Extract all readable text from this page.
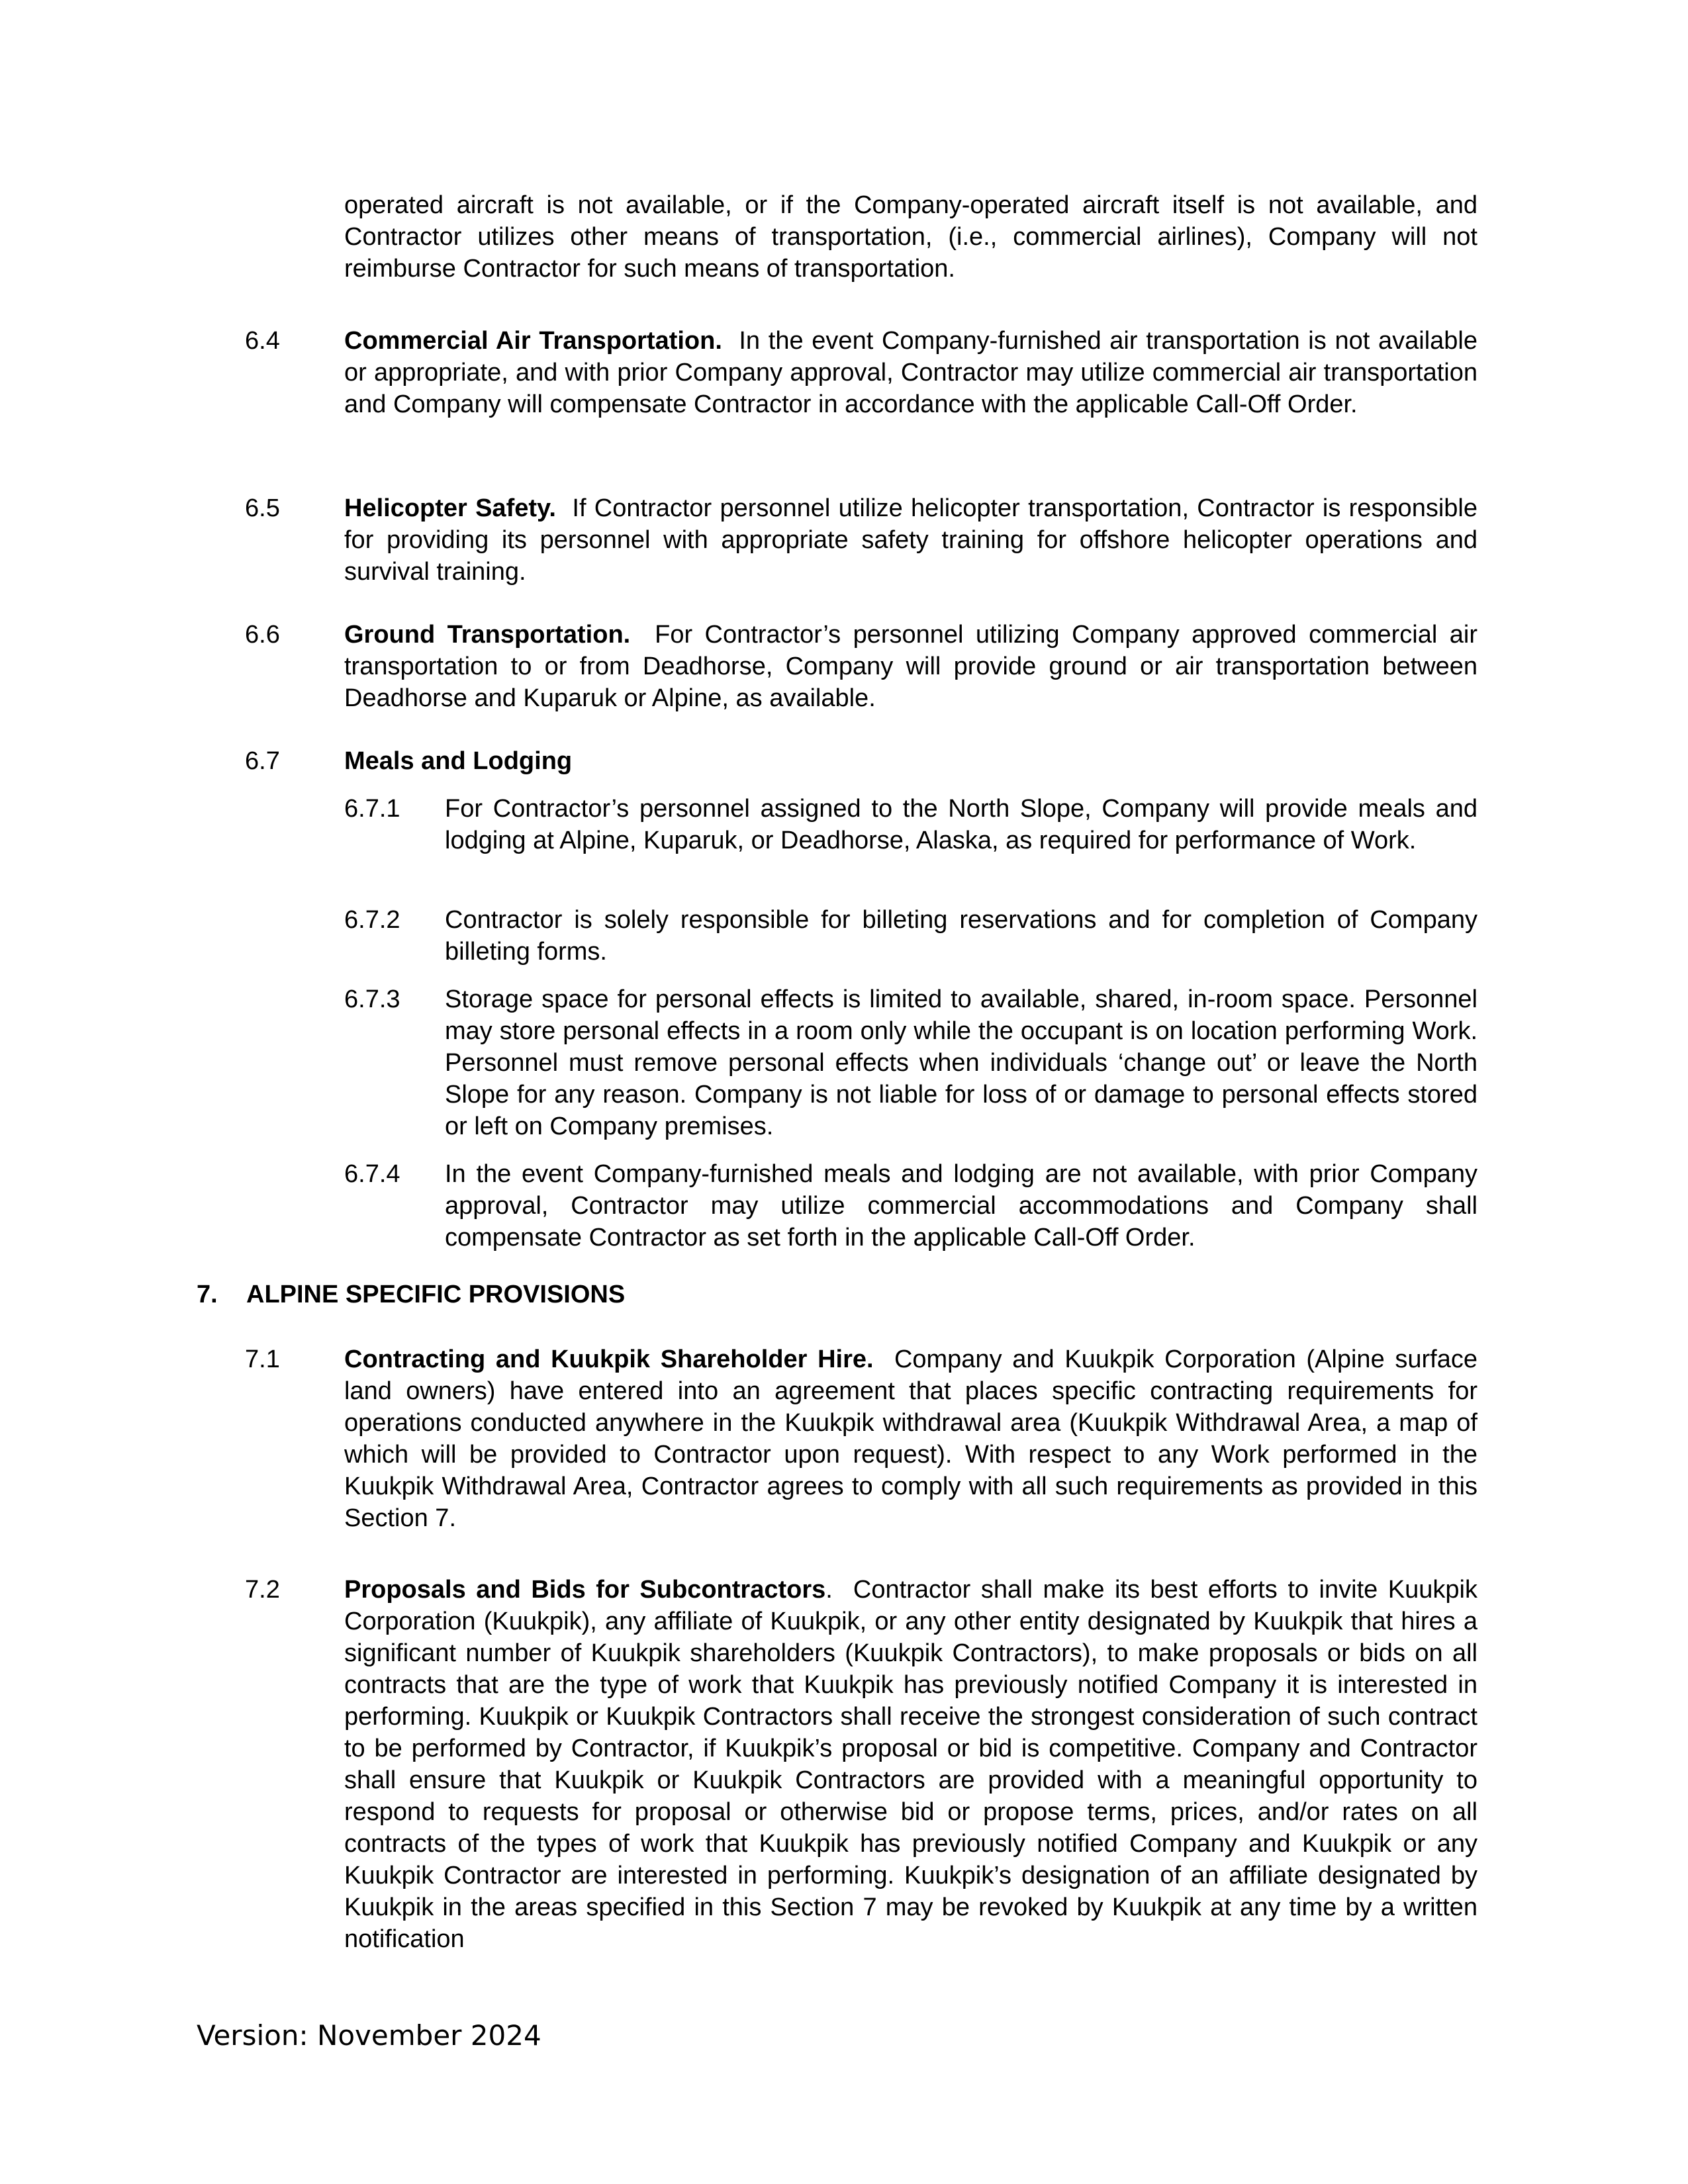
operated aircraft is not available, or if the Company-operated aircraft itself is not available, and Contractor utilizes other means of transportation, (i.e., commercial airlines), Company will not reimburse Contractor for such means of transportation.
6.4	Commercial Air Transportation. In the event Company-furnished air transportation is not available or appropriate, and with prior Company approval, Contractor may utilize commercial air transportation and Company will compensate Contractor in accordance with the applicable Call-Off Order.
6.5	Helicopter Safety. If Contractor personnel utilize helicopter transportation, Contractor is responsible for providing its personnel with appropriate safety training for offshore helicopter operations and survival training.
6.6	Ground Transportation. For Contractor’s personnel utilizing Company approved commercial air transportation to or from Deadhorse, Company will provide ground or air transportation between Deadhorse and Kuparuk or Alpine, as available.
6.7	Meals and Lodging
6.7.1 For Contractor’s personnel assigned to the North Slope, Company will provide meals and lodging at Alpine, Kuparuk, or Deadhorse, Alaska, as required for performance of Work.
6.7.2 Contractor is solely responsible for billeting reservations and for completion of Company billeting forms.
6.7.3 Storage space for personal effects is limited to available, shared, in-room space. Personnel may store personal effects in a room only while the occupant is on location performing Work. Personnel must remove personal effects when individuals ‘change out’ or leave the North Slope for any reason. Company is not liable for loss of or damage to personal effects stored or left on Company premises.
6.7.4 In the event Company-furnished meals and lodging are not available, with prior Company approval, Contractor may utilize commercial accommodations and Company shall compensate Contractor as set forth in the applicable Call-Off Order.
7. ALPINE SPECIFIC PROVISIONS
7.1	Contracting and Kuukpik Shareholder Hire. Company and Kuukpik Corporation (Alpine surface land owners) have entered into an agreement that places specific contracting requirements for operations conducted anywhere in the Kuukpik withdrawal area (Kuukpik Withdrawal Area, a map of which will be provided to Contractor upon request). With respect to any Work performed in the Kuukpik Withdrawal Area, Contractor agrees to comply with all such requirements as provided in this Section 7.
7.2	Proposals and Bids for Subcontractors. Contractor shall make its best efforts to invite Kuukpik Corporation (Kuukpik), any affiliate of Kuukpik, or any other entity designated by Kuukpik that hires a significant number of Kuukpik shareholders (Kuukpik Contractors), to make proposals or bids on all contracts that are the type of work that Kuukpik has previously notified Company it is interested in performing. Kuukpik or Kuukpik Contractors shall receive the strongest consideration of such contract to be performed by Contractor, if Kuukpik’s proposal or bid is competitive. Company and Contractor shall ensure that Kuukpik or Kuukpik Contractors are provided with a meaningful opportunity to respond to requests for proposal or otherwise bid or propose terms, prices, and/or rates on all contracts of the types of work that Kuukpik has previously notified Company and Kuukpik or any Kuukpik Contractor are interested in performing. Kuukpik’s designation of an affiliate designated by Kuukpik in the areas specified in this Section 7 may be revoked by Kuukpik at any time by a written notification
Version: November 2024
